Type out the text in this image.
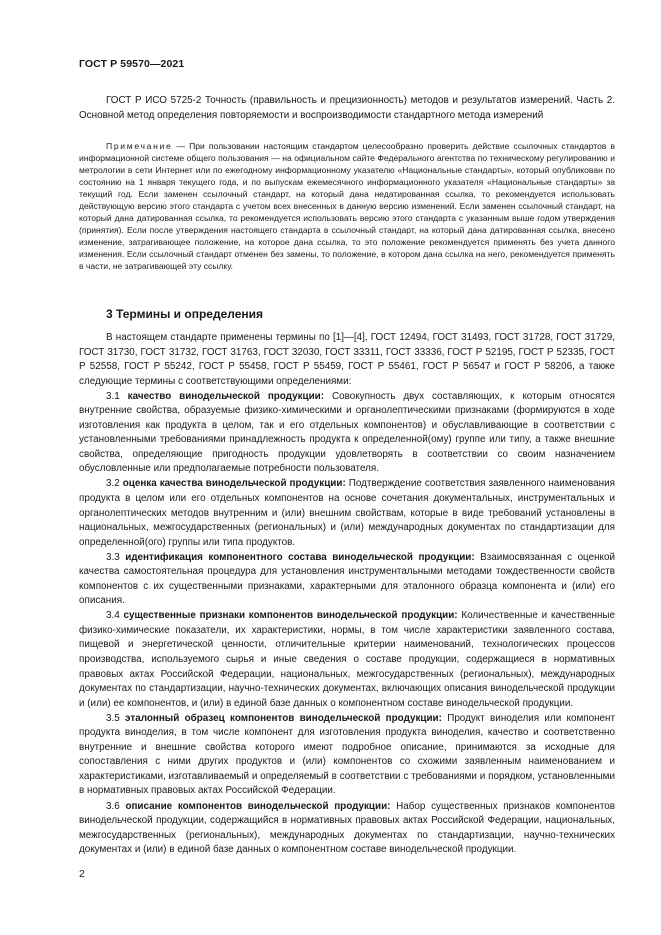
ГОСТ Р 59570—2021

ГОСТ Р ИСО 5725-2 Точность (правильность и прецизионность) методов и результатов измерений. Часть 2. Основной метод определения повторяемости и воспроизводимости стандартного метода измерений

Примечание — При пользовании настоящим стандартом целесообразно проверить действие ссылочных стандартов в информационной системе общего пользования — на официальном сайте Федерального агентства по техническому регулированию и метрологии в сети Интернет или по ежегодному информационному указателю «Национальные стандарты», который опубликован по состоянию на 1 января текущего года, и по выпускам ежемесячного информационного указателя «Национальные стандарты» за текущий год. Если заменен ссылочный стандарт, на который дана недатированная ссылка, то рекомендуется использовать действующую версию этого стандарта с учетом всех внесенных в данную версию изменений. Если заменен ссылочный стандарт, на который дана датированная ссылка, то рекомендуется использовать версию этого стандарта с указанным выше годом утверждения (принятия). Если после утверждения настоящего стандарта в ссылочный стандарт, на который дана датированная ссылка, внесено изменение, затрагивающее положение, на которое дана ссылка, то это положение рекомендуется применять без учета данного изменения. Если ссылочный стандарт отменен без замены, то положение, в котором дана ссылка на него, рекомендуется применять в части, не затрагивающей эту ссылку.

3 Термины и определения

В настоящем стандарте применены термины по [1]—[4], ГОСТ 12494, ГОСТ 31493, ГОСТ 31728, ГОСТ 31729, ГОСТ 31730, ГОСТ 31732, ГОСТ 31763, ГОСТ 32030, ГОСТ 33311, ГОСТ 33336, ГОСТ Р 52195, ГОСТ Р 52335, ГОСТ Р 52558, ГОСТ Р 55242, ГОСТ Р 55458, ГОСТ Р 55459, ГОСТ Р 55461, ГОСТ Р 56547 и ГОСТ Р 58206, а также следующие термины с соответствующими определениями:

3.1 качество винодельческой продукции: Совокупность двух составляющих, к которым относятся внутренние свойства, образуемые физико-химическими и органолептическими признаками (формируются в ходе изготовления как продукта в целом, так и его отдельных компонентов) и обуславливающие в соответствии с установленными требованиями принадлежность продукта к определенной(ому) группе или типу, а также внешние свойства, определяющие пригодность продукции удовлетворять в соответствии со своим назначением обусловленные или предполагаемые потребности пользователя.

3.2 оценка качества винодельческой продукции: Подтверждение соответствия заявленного наименования продукта в целом или его отдельных компонентов на основе сочетания документальных, инструментальных и органолептических методов внутренним и (или) внешним свойствам, которые в виде требований установлены в национальных, межгосударственных (региональных) и (или) международных документах по стандартизации для определенной(ого) группы или типа продуктов.

3.3 идентификация компонентного состава винодельческой продукции: Взаимосвязанная с оценкой качества самостоятельная процедура для установления инструментальными методами тождественности свойств компонентов с их существенными признаками, характерными для эталонного образца компонента и (или) его описания.

3.4 существенные признаки компонентов винодельческой продукции: Количественные и качественные физико-химические показатели, их характеристики, нормы, в том числе характеристики заявленного состава, пищевой и энергетической ценности, отличительные критерии наименований, технологических процессов производства, используемого сырья и иные сведения о составе продукции, содержащиеся в нормативных правовых актах Российской Федерации, национальных, межгосударственных (региональных), международных документах по стандартизации, научно-технических документах, включающих описания винодельческой продукции и (или) ее компонентов, и (или) в единой базе данных о компонентном составе винодельческой продукции.

3.5 эталонный образец компонентов винодельческой продукции: Продукт виноделия или компонент продукта виноделия, в том числе компонент для изготовления продукта виноделия, качество и соответственно внутренние и внешние свойства которого имеют подробное описание, принимаются за исходные для сопоставления с ними других продуктов и (или) компонентов со схожими заявленным наименованием и характеристиками, изготавливаемый и определяемый в соответствии с требованиями и порядком, установленными в нормативных правовых актах Российской Федерации.

3.6 описание компонентов винодельческой продукции: Набор существенных признаков компонентов винодельческой продукции, содержащийся в нормативных правовых актах Российской Федерации, национальных, межгосударственных (региональных), международных документах по стандартизации, научно-технических документах и (или) в единой базе данных о компонентном составе винодельческой продукции.

2
